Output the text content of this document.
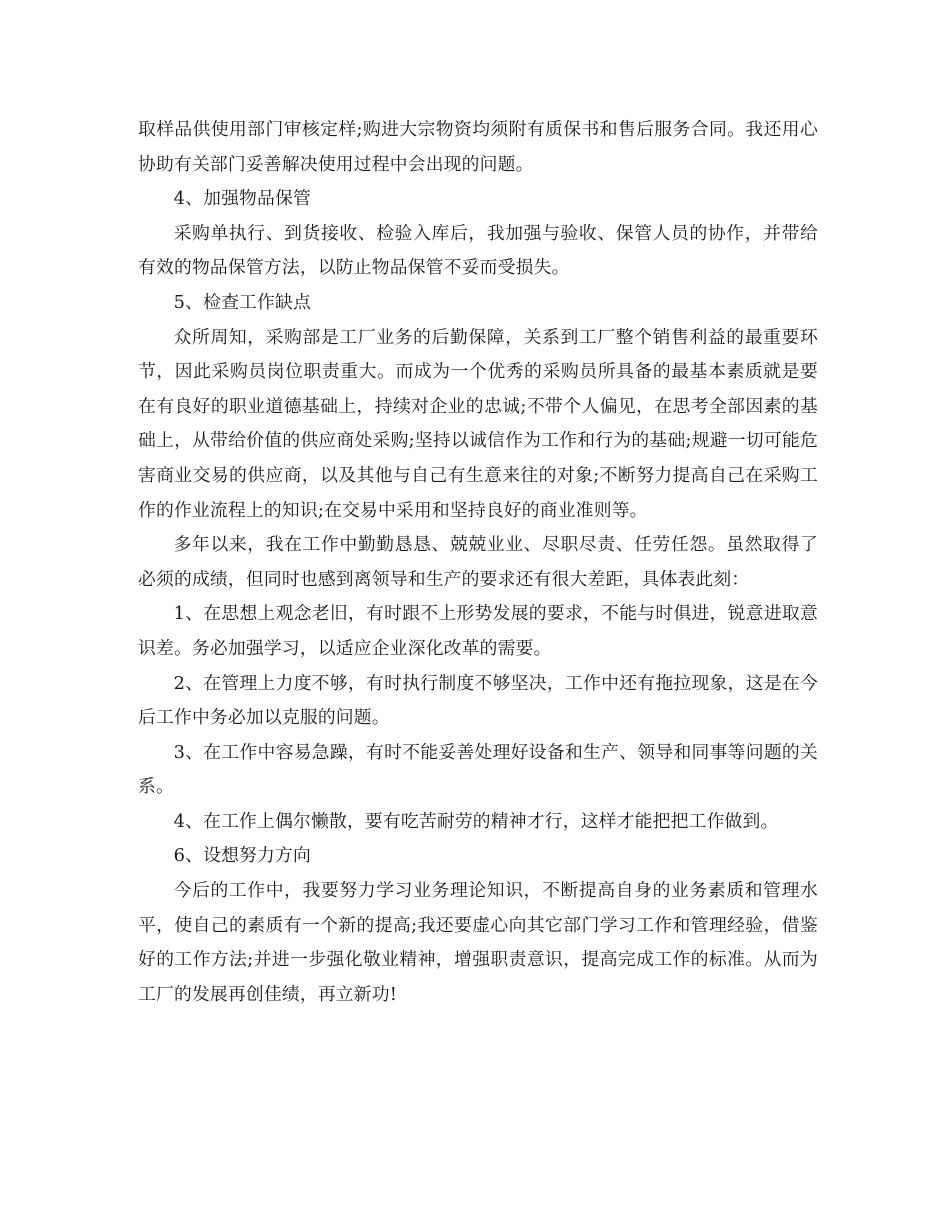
取样品供使用部门审核定样;购进大宗物资均须附有质保书和售后服务合同。我还用心协助有关部门妥善解决使用过程中会出现的问题。

4、加强物品保管

采购单执行、到货接收、检验入库后，我加强与验收、保管人员的协作，并带给有效的物品保管方法，以防止物品保管不妥而受损失。

5、检查工作缺点

众所周知，采购部是工厂业务的后勤保障，关系到工厂整个销售利益的最重要环节，因此采购员岗位职责重大。而成为一个优秀的采购员所具备的最基本素质就是要在有良好的职业道德基础上，持续对企业的忠诚;不带个人偏见，在思考全部因素的基础上，从带给价值的供应商处采购;坚持以诚信作为工作和行为的基础;规避一切可能危害商业交易的供应商，以及其他与自己有生意来往的对象;不断努力提高自己在采购工作的作业流程上的知识;在交易中采用和坚持良好的商业准则等。

多年以来，我在工作中勤勤恳恳、兢兢业业、尽职尽责、任劳任怨。虽然取得了必须的成绩，但同时也感到离领导和生产的要求还有很大差距，具体表此刻：

1、在思想上观念老旧，有时跟不上形势发展的要求，不能与时俱进，锐意进取意识差。务必加强学习，以适应企业深化改革的需要。

2、在管理上力度不够，有时执行制度不够坚决，工作中还有拖拉现象，这是在今后工作中务必加以克服的问题。

3、在工作中容易急躁，有时不能妥善处理好设备和生产、领导和同事等问题的关系。

4、在工作上偶尔懒散，要有吃苦耐劳的精神才行，这样才能把把工作做到。

6、设想努力方向

今后的工作中，我要努力学习业务理论知识，不断提高自身的业务素质和管理水平，使自己的素质有一个新的提高;我还要虚心向其它部门学习工作和管理经验，借鉴好的工作方法;并进一步强化敬业精神，增强职责意识，提高完成工作的标准。从而为工厂的发展再创佳绩，再立新功!
